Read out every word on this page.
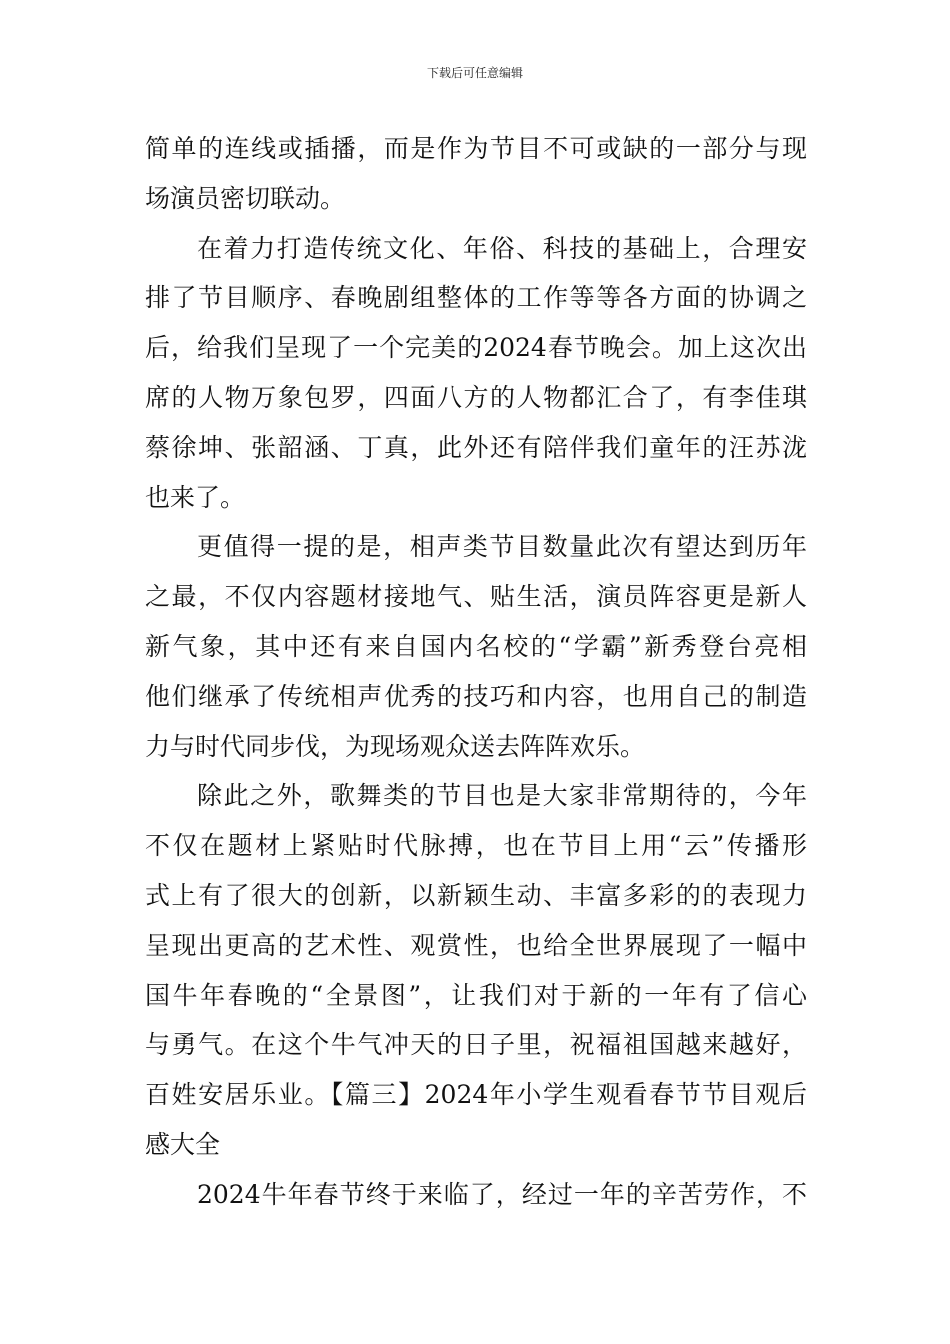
下载后可任意编辑
简单的连线或插播，而是作为节目不可或缺的一部分与现
场演员密切联动。
在着力打造传统文化、年俗、科技的基础上，合理安
排了节目顺序、春晚剧组整体的工作等等各方面的协调之
后，给我们呈现了一个完美的2024春节晚会。加上这次出
席的人物万象包罗，四面八方的人物都汇合了，有李佳琪
蔡徐坤、张韶涵、丁真，此外还有陪伴我们童年的汪苏泷
也来了。
更值得一提的是，相声类节目数量此次有望达到历年
之最，不仅内容题材接地气、贴生活，演员阵容更是新人
新气象，其中还有来自国内名校的“学霸”新秀登台亮相
他们继承了传统相声优秀的技巧和内容，也用自己的制造
力与时代同步伐，为现场观众送去阵阵欢乐。
除此之外，歌舞类的节目也是大家非常期待的，今年
不仅在题材上紧贴时代脉搏，也在节目上用“云”传播形
式上有了很大的创新，以新颖生动、丰富多彩的的表现力
呈现出更高的艺术性、观赏性，也给全世界展现了一幅中
国牛年春晚的“全景图”，让我们对于新的一年有了信心
与勇气。在这个牛气冲天的日子里，祝福祖国越来越好，
百姓安居乐业。【篇三】2024年小学生观看春节节目观后
感大全
2024牛年春节终于来临了，经过一年的辛苦劳作，不
